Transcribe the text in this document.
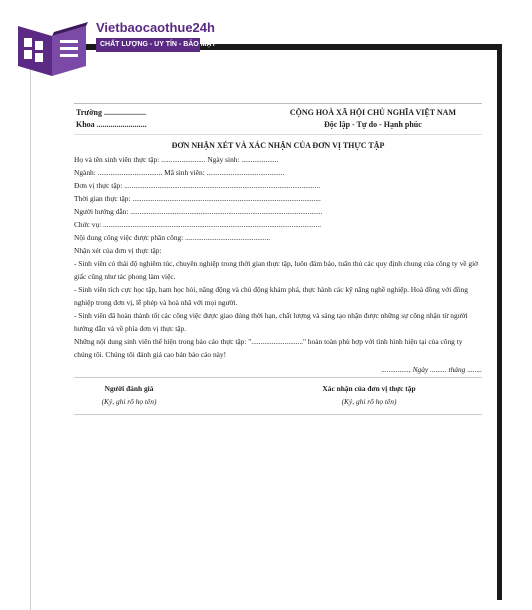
Vietbaocaothue24h
CHẤT LƯỢNG - UY TÍN - BẢO MẬT
Trường .....................
Khoa .........................
CỘNG HOÀ XÃ HỘI CHỦ NGHĨA VIỆT NAM
Độc lập - Tự do - Hạnh phúc
ĐƠN NHẬN XÉT VÀ XÁC NHẬN CỦA ĐƠN VỊ THỰC TẬP
Họ và tên sinh viên thực tập: ........................ Ngày sinh: ....................
Ngành: ................................... Mã sinh viên: ..........................................
Đơn vị thực tập: ..........................................................................................................
Thời gian thực tập: ......................................................................................................
Người hướng dẫn: ........................................................................................................
Chức vụ: ......................................................................................................................
Nội dung công việc được phân công: ..............................................
Nhận xét của đơn vị thực tập:
- Sinh viên có thái độ nghiêm túc, chuyên nghiệp trong thời gian thực tập, luôn đảm bảo, tuân thủ các quy định chung của công ty về giờ giấc cũng như tác phong làm việc.
- Sinh viên tích cực học tập, ham học hỏi, năng động và chủ động khám phá, thực hành các kỹ năng nghề nghiệp. Hoà đồng với đồng nghiệp trong đơn vị, lễ phép và hoà nhã với mọi người.
- Sinh viên đã hoàn thành tốt các công việc được giao đúng thời hạn, chất lượng và sáng tạo nhận được những sự công nhận từ người hướng dẫn và về phía đơn vị thực tập.
Những nội dung sinh viên thể hiện trong báo cáo thực tập: "............................" hoàn toàn phù hợp với tình hình hiện tại của công ty chúng tôi. Chúng tôi đánh giá cao bản báo cáo này!
..............., Ngày ......... tháng ........
Người đánh giá
(Ký, ghi rõ họ tên)
Xác nhận của đơn vị thực tập
(Ký, ghi rõ họ tên)
